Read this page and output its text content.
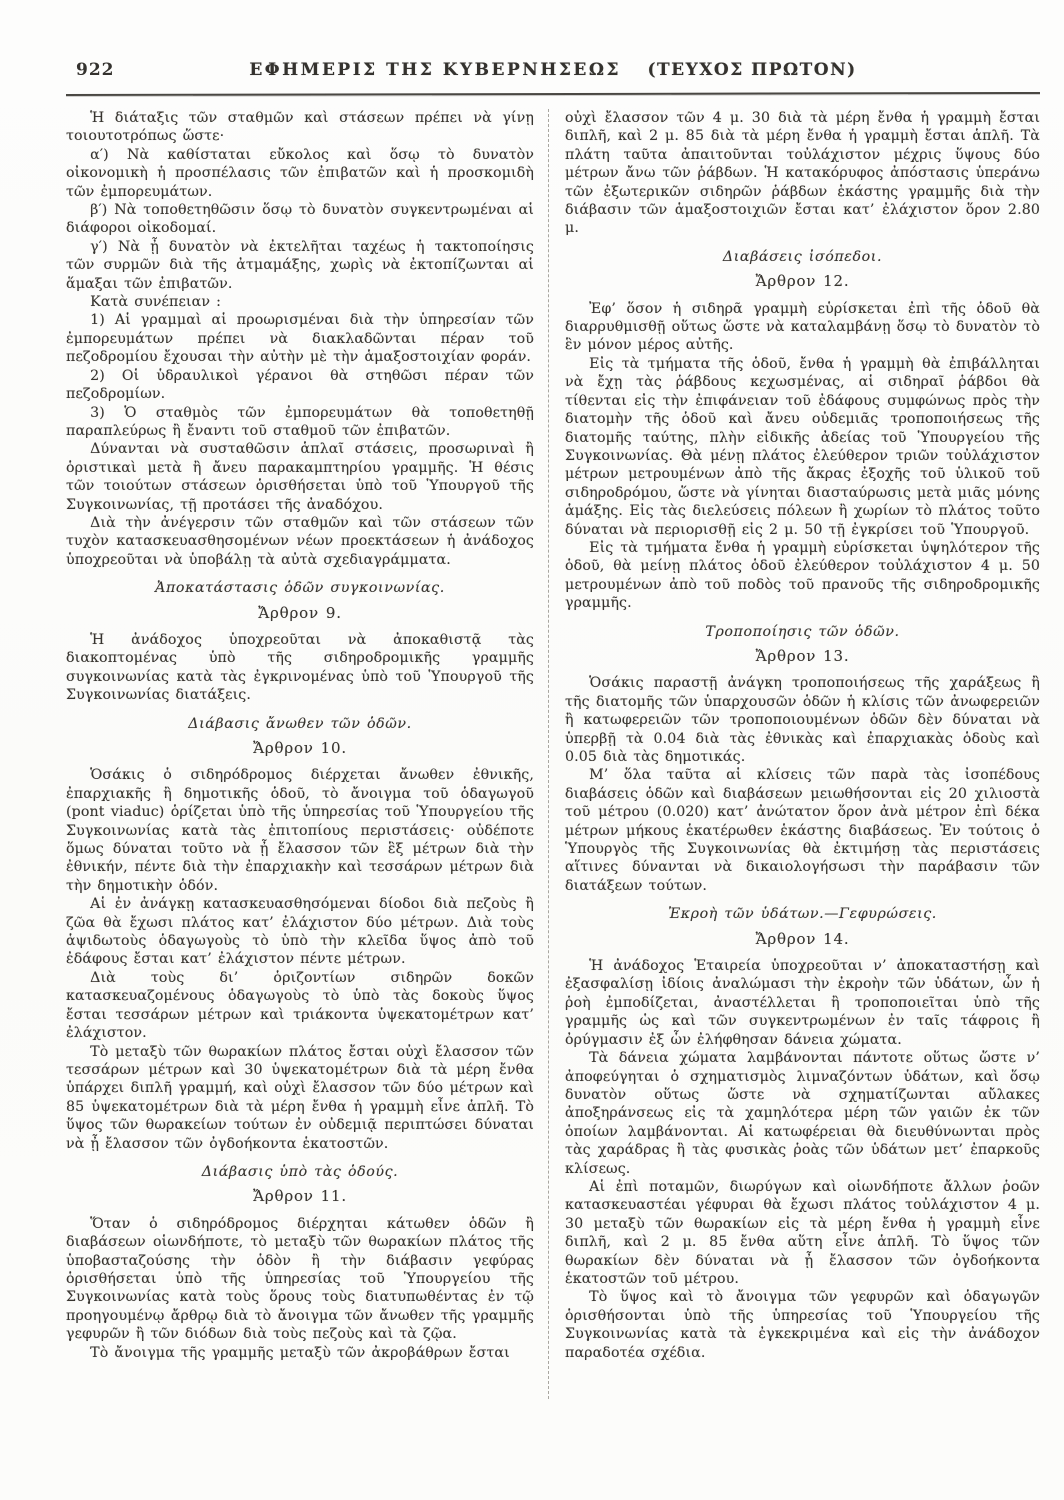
922	ΕΦΗΜΕΡΙΣ ΤΗΣ ΚΥΒΕΡΝΗΣΕΩΣ (ΤΕΥΧΟΣ ΠΡΩΤΟΝ)

Ἡ διάταξις τῶν σταθμῶν καὶ στάσεων πρέπει νὰ γίνῃ τοιουτοτρόπως ὥστε·

α′) Νὰ καθίσταται εὔκολος καὶ ὅσῳ τὸ δυνατὸν οἰκονομικὴ ἡ προσπέλασις τῶν ἐπιβατῶν καὶ ἡ προσκομιδὴ τῶν ἐμπορευμάτων.

β′) Νὰ τοποθετηθῶσιν ὅσῳ τὸ δυνατὸν συγκεντρωμέναι αἱ διάφοροι οἰκοδομαί.

γ′) Νὰ ᾖ δυνατὸν νὰ ἐκτελῆται ταχέως ἡ τακτοποίησις τῶν συρμῶν διὰ τῆς ἀτμαμάξης, χωρὶς νὰ ἐκτοπίζωνται αἱ ἅμαξαι τῶν ἐπιβατῶν.

Κατὰ συνέπειαν :

1) Αἱ γραμμαὶ αἱ προωρισμέναι διὰ τὴν ὑπηρεσίαν τῶν ἐμπορευμάτων πρέπει νὰ διακλαδῶνται πέραν τοῦ πεζοδρομίου ἔχουσαι τὴν αὐτὴν μὲ τὴν ἁμαξοστοιχίαν φοράν.

2) Οἱ ὑδραυλικοὶ γέρανοι θὰ στηθῶσι πέραν τῶν πεζοδρομίων.

3) Ὁ σταθμὸς τῶν ἐμπορευμάτων θὰ τοποθετηθῇ παραπλεύρως ἢ ἔναντι τοῦ σταθμοῦ τῶν ἐπιβατῶν.

Δύνανται νὰ συσταθῶσιν ἁπλαῖ στάσεις, προσωριναὶ ἢ ὁριστικαὶ μετὰ ἢ ἄνευ παρακαμπτηρίου γραμμῆς. Ἡ θέσις τῶν τοιούτων στάσεων ὁρισθήσεται ὑπὸ τοῦ Ὑπουργοῦ τῆς Συγκοινωνίας, τῇ προτάσει τῆς ἀναδόχου.

Διὰ τὴν ἀνέγερσιν τῶν σταθμῶν καὶ τῶν στάσεων τῶν τυχὸν κατασκευασθησομένων νέων προεκτάσεων ἡ ἀνάδοχος ὑποχρεοῦται νὰ ὑποβάλῃ τὰ αὐτὰ σχεδιαγράμματα.

Ἀποκατάστασις ὁδῶν συγκοινωνίας.

Ἄρθρον 9.

Ἡ ἀνάδοχος ὑποχρεοῦται νὰ ἀποκαθιστᾷ τὰς διακοπτομένας ὑπὸ τῆς σιδηροδρομικῆς γραμμῆς συγκοινωνίας κατὰ τὰς ἐγκρινομένας ὑπὸ τοῦ Ὑπουργοῦ τῆς Συγκοινωνίας διατάξεις.

Διάβασις ἄνωθεν τῶν ὁδῶν.

Ἄρθρον 10.

Ὁσάκις ὁ σιδηρόδρομος διέρχεται ἄνωθεν ἐθνικῆς, ἐπαρχιακῆς ἢ δημοτικῆς ὁδοῦ, τὸ ἄνοιγμα τοῦ ὁδαγωγοῦ (pont viaduc) ὁρίζεται ὑπὸ τῆς ὑπηρεσίας τοῦ Ὑπουργείου τῆς Συγκοινωνίας κατὰ τὰς ἐπιτοπίους περιστάσεις· οὐδέποτε ὅμως δύναται τοῦτο νὰ ᾖ ἔλασσον τῶν ἓξ μέτρων διὰ τὴν ἐθνικήν, πέντε διὰ τὴν ἐπαρχιακὴν καὶ τεσσάρων μέτρων διὰ τὴν δημοτικὴν ὁδόν.

Αἱ ἐν ἀνάγκῃ κατασκευασθησόμεναι δίοδοι διὰ πεζοὺς ἢ ζῶα θὰ ἔχωσι πλάτος κατ’ ἐλάχιστον δύο μέτρων. Διὰ τοὺς ἁψιδωτοὺς ὁδαγωγοὺς τὸ ὑπὸ τὴν κλεῖδα ὕψος ἀπὸ τοῦ ἐδάφους ἔσται κατ’ ἐλάχιστον πέντε μέτρων.

Διὰ τοὺς δι’ ὁριζοντίων σιδηρῶν δοκῶν κατασκευαζομένους ὁδαγωγοὺς τὸ ὑπὸ τὰς δοκοὺς ὕψος ἔσται τεσσάρων μέτρων καὶ τριάκοντα ὑψεκατομέτρων κατ’ ἐλάχιστον.

Τὸ μεταξὺ τῶν θωρακίων πλάτος ἔσται οὐχὶ ἔλασσον τῶν τεσσάρων μέτρων καὶ 30 ὑψεκατομέτρων διὰ τὰ μέρη ἔνθα ὑπάρχει διπλῆ γραμμή, καὶ οὐχὶ ἔλασσον τῶν δύο μέτρων καὶ 85 ὑψεκατομέτρων διὰ τὰ μέρη ἔνθα ἡ γραμμὴ εἶνε ἁπλῆ. Τὸ ὕψος τῶν θωρακείων τούτων ἐν οὐδεμιᾷ περιπτώσει δύναται νὰ ᾖ ἔλασσον τῶν ὀγδοήκοντα ἑκατοστῶν.

Διάβασις ὑπὸ τὰς ὁδούς.

Ἄρθρον 11.

Ὅταν ὁ σιδηρόδρομος διέρχηται κάτωθεν ὁδῶν ἢ διαβάσεων οἱωνδήποτε, τὸ μεταξὺ τῶν θωρακίων πλάτος τῆς ὑποβασταζούσης τὴν ὁδὸν ἢ τὴν διάβασιν γεφύρας ὁρισθήσεται ὑπὸ τῆς ὑπηρεσίας τοῦ Ὑπουργείου τῆς Συγκοινωνίας κατὰ τοὺς ὅρους τοὺς διατυπωθέντας ἐν τῷ προηγουμένῳ ἄρθρῳ διὰ τὸ ἄνοιγμα τῶν ἄνωθεν τῆς γραμμῆς γεφυρῶν ἢ τῶν διόδων διὰ τοὺς πεζοὺς καὶ τὰ ζῷα.

Τὸ ἄνοιγμα τῆς γραμμῆς μεταξὺ τῶν ἀκροβάθρων ἔσται

οὐχὶ ἔλασσον τῶν 4 μ. 30 διὰ τὰ μέρη ἔνθα ἡ γραμμὴ ἔσται διπλῆ, καὶ 2 μ. 85 διὰ τὰ μέρη ἔνθα ἡ γραμμὴ ἔσται ἁπλῆ. Τὰ πλάτη ταῦτα ἀπαιτοῦνται τοὐλάχιστον μέχρις ὕψους δύο μέτρων ἄνω τῶν ῥάβδων. Ἡ κατακόρυφος ἀπόστασις ὑπεράνω τῶν ἐξωτερικῶν σιδηρῶν ῥάβδων ἑκάστης γραμμῆς διὰ τὴν διάβασιν τῶν ἁμαξοστοιχιῶν ἔσται κατ’ ἐλάχιστον ὅρον 2.80 μ.

Διαβάσεις ἰσόπεδοι.

Ἄρθρον 12.

Ἐφ’ ὅσον ἡ σιδηρᾶ γραμμὴ εὑρίσκεται ἐπὶ τῆς ὁδοῦ θὰ διαρρυθμισθῇ οὕτως ὥστε νὰ καταλαμβάνῃ ὅσῳ τὸ δυνατὸν τὸ ἓν μόνον μέρος αὐτῆς.

Εἰς τὰ τμήματα τῆς ὁδοῦ, ἔνθα ἡ γραμμὴ θὰ ἐπιβάλληται νὰ ἔχῃ τὰς ῥάβδους κεχωσμένας, αἱ σιδηραῖ ῥάβδοι θὰ τίθενται εἰς τὴν ἐπιφάνειαν τοῦ ἐδάφους συμφώνως πρὸς τὴν διατομὴν τῆς ὁδοῦ καὶ ἄνευ οὐδεμιᾶς τροποποιήσεως τῆς διατομῆς ταύτης, πλὴν εἰδικῆς ἀδείας τοῦ Ὑπουργείου τῆς Συγκοινωνίας. Θὰ μένῃ πλάτος ἐλεύθερον τριῶν τοὐλάχιστον μέτρων μετρουμένων ἀπὸ τῆς ἄκρας ἐξοχῆς τοῦ ὑλικοῦ τοῦ σιδηροδρόμου, ὥστε νὰ γίνηται διασταύρωσις μετὰ μιᾶς μόνης ἁμάξης. Εἰς τὰς διελεύσεις πόλεων ἢ χωρίων τὸ πλάτος τοῦτο δύναται νὰ περιορισθῇ εἰς 2 μ. 50 τῇ ἐγκρίσει τοῦ Ὑπουργοῦ.

Εἰς τὰ τμήματα ἔνθα ἡ γραμμὴ εὑρίσκεται ὑψηλότερον τῆς ὁδοῦ, θὰ μείνῃ πλάτος ὁδοῦ ἐλεύθερον τοὐλάχιστον 4 μ. 50 μετρουμένων ἀπὸ τοῦ ποδὸς τοῦ πρανοῦς τῆς σιδηροδρομικῆς γραμμῆς.

Τροποποίησις τῶν ὁδῶν.

Ἄρθρον 13.

Ὁσάκις παραστῇ ἀνάγκη τροποποιήσεως τῆς χαράξεως ἢ τῆς διατομῆς τῶν ὑπαρχουσῶν ὁδῶν ἡ κλίσις τῶν ἀνωφερειῶν ἢ κατωφερειῶν τῶν τροποποιουμένων ὁδῶν δὲν δύναται νὰ ὑπερβῇ τὰ 0.04 διὰ τὰς ἐθνικὰς καὶ ἐπαρχιακὰς ὁδοὺς καὶ 0.05 διὰ τὰς δημοτικάς.

Μ’ ὅλα ταῦτα αἱ κλίσεις τῶν παρὰ τὰς ἰσοπέδους διαβάσεις ὁδῶν καὶ διαβάσεων μειωθήσονται εἰς 20 χιλιοστὰ τοῦ μέτρου (0.020) κατ’ ἀνώτατον ὅρον ἀνὰ μέτρον ἐπὶ δέκα μέτρων μήκους ἑκατέρωθεν ἑκάστης διαβάσεως. Ἐν τούτοις ὁ Ὑπουργὸς τῆς Συγκοινωνίας θὰ ἐκτιμήσῃ τὰς περιστάσεις αἵτινες δύνανται νὰ δικαιολογήσωσι τὴν παράβασιν τῶν διατάξεων τούτων.

Ἐκροὴ τῶν ὑδάτων.—Γεφυρώσεις.

Ἄρθρον 14.

Ἡ ἀνάδοχος Ἑταιρεία ὑποχρεοῦται ν’ ἀποκαταστήσῃ καὶ ἐξασφαλίσῃ ἰδίοις ἀναλώμασι τὴν ἐκροὴν τῶν ὑδάτων, ὧν ἡ ῥοὴ ἐμποδίζεται, ἀναστέλλεται ἢ τροποποιεῖται ὑπὸ τῆς γραμμῆς ὡς καὶ τῶν συγκεντρωμένων ἐν ταῖς τάφροις ἢ ὀρύγμασιν ἐξ ὧν ἐλήφθησαν δάνεια χώματα.

Τὰ δάνεια χώματα λαμβάνονται πάντοτε οὕτως ὥστε ν’ ἀποφεύγηται ὁ σχηματισμὸς λιμναζόντων ὑδάτων, καὶ ὅσῳ δυνατὸν οὕτως ὥστε νὰ σχηματίζωνται αὔλακες ἀποξηράνσεως εἰς τὰ χαμηλότερα μέρη τῶν γαιῶν ἐκ τῶν ὁποίων λαμβάνονται. Αἱ κατωφέρειαι θὰ διευθύνωνται πρὸς τὰς χαράδρας ἢ τὰς φυσικὰς ῥοὰς τῶν ὑδάτων μετ’ ἐπαρκοῦς κλίσεως.

Αἱ ἐπὶ ποταμῶν, διωρύγων καὶ οἱωνδήποτε ἄλλων ῥοῶν κατασκευαστέαι γέφυραι θὰ ἔχωσι πλάτος τοὐλάχιστον 4 μ. 30 μεταξὺ τῶν θωρακίων εἰς τὰ μέρη ἔνθα ἡ γραμμὴ εἶνε διπλῆ, καὶ 2 μ. 85 ἔνθα αὕτη εἶνε ἁπλῆ. Τὸ ὕψος τῶν θωρακίων δὲν δύναται νὰ ᾖ ἔλασσον τῶν ὀγδοήκοντα ἑκατοστῶν τοῦ μέτρου.

Τὸ ὕψος καὶ τὸ ἄνοιγμα τῶν γεφυρῶν καὶ ὁδαγωγῶν ὁρισθήσονται ὑπὸ τῆς ὑπηρεσίας τοῦ Ὑπουργείου τῆς Συγκοινωνίας κατὰ τὰ ἐγκεκριμένα καὶ εἰς τὴν ἀνάδοχον παραδοτέα σχέδια.
